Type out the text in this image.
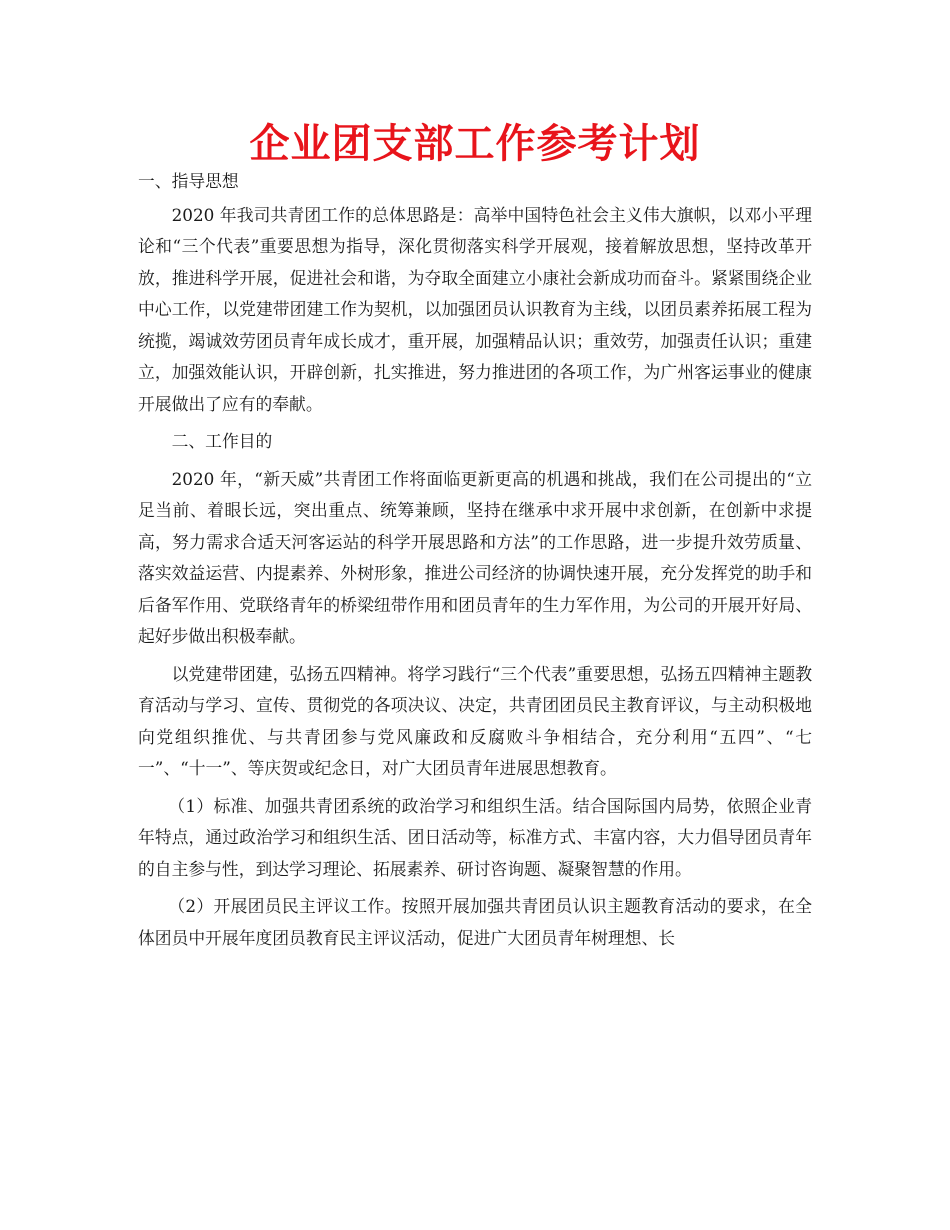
企业团支部工作参考计划

一、指导思想

2020 年我司共青团工作的总体思路是：高举中国特色社会主义伟大旗帜，以邓小平理论和“三个代表”重要思想为指导，深化贯彻落实科学开展观，接着解放思想，坚持改革开放，推进科学开展，促进社会和谐，为夺取全面建立小康社会新成功而奋斗。紧紧围绕企业中心工作，以党建带团建工作为契机，以加强团员认识教育为主线，以团员素养拓展工程为统揽，竭诚效劳团员青年成长成才，重开展，加强精品认识；重效劳，加强责任认识；重建立，加强效能认识，开辟创新，扎实推进，努力推进团的各项工作，为广州客运事业的健康开展做出了应有的奉献。

二、工作目的

2020 年，“新天威”共青团工作将面临更新更高的机遇和挑战，我们在公司提出的“立足当前、着眼长远，突出重点、统筹兼顾，坚持在继承中求开展中求创新，在创新中求提高，努力需求合适天河客运站的科学开展思路和方法”的工作思路，进一步提升效劳质量、落实效益运营、内提素养、外树形象，推进公司经济的协调快速开展，充分发挥党的助手和后备军作用、党联络青年的桥梁纽带作用和团员青年的生力军作用，为公司的开展开好局、起好步做出积极奉献。

以党建带团建，弘扬五四精神。将学习践行“三个代表”重要思想，弘扬五四精神主题教育活动与学习、宣传、贯彻党的各项决议、决定，共青团团员民主教育评议，与主动积极地向党组织推优、与共青团参与党风廉政和反腐败斗争相结合，充分利用“五四”、“七一”、“十一”、等庆贺或纪念日，对广大团员青年进展思想教育。

（1）标准、加强共青团系统的政治学习和组织生活。结合国际国内局势，依照企业青年特点，通过政治学习和组织生活、团日活动等，标准方式、丰富内容，大力倡导团员青年的自主参与性，到达学习理论、拓展素养、研讨咨询题、凝聚智慧的作用。

（2）开展团员民主评议工作。按照开展加强共青团员认识主题教育活动的要求，在全体团员中开展年度团员教育民主评议活动，促进广大团员青年树理想、长
